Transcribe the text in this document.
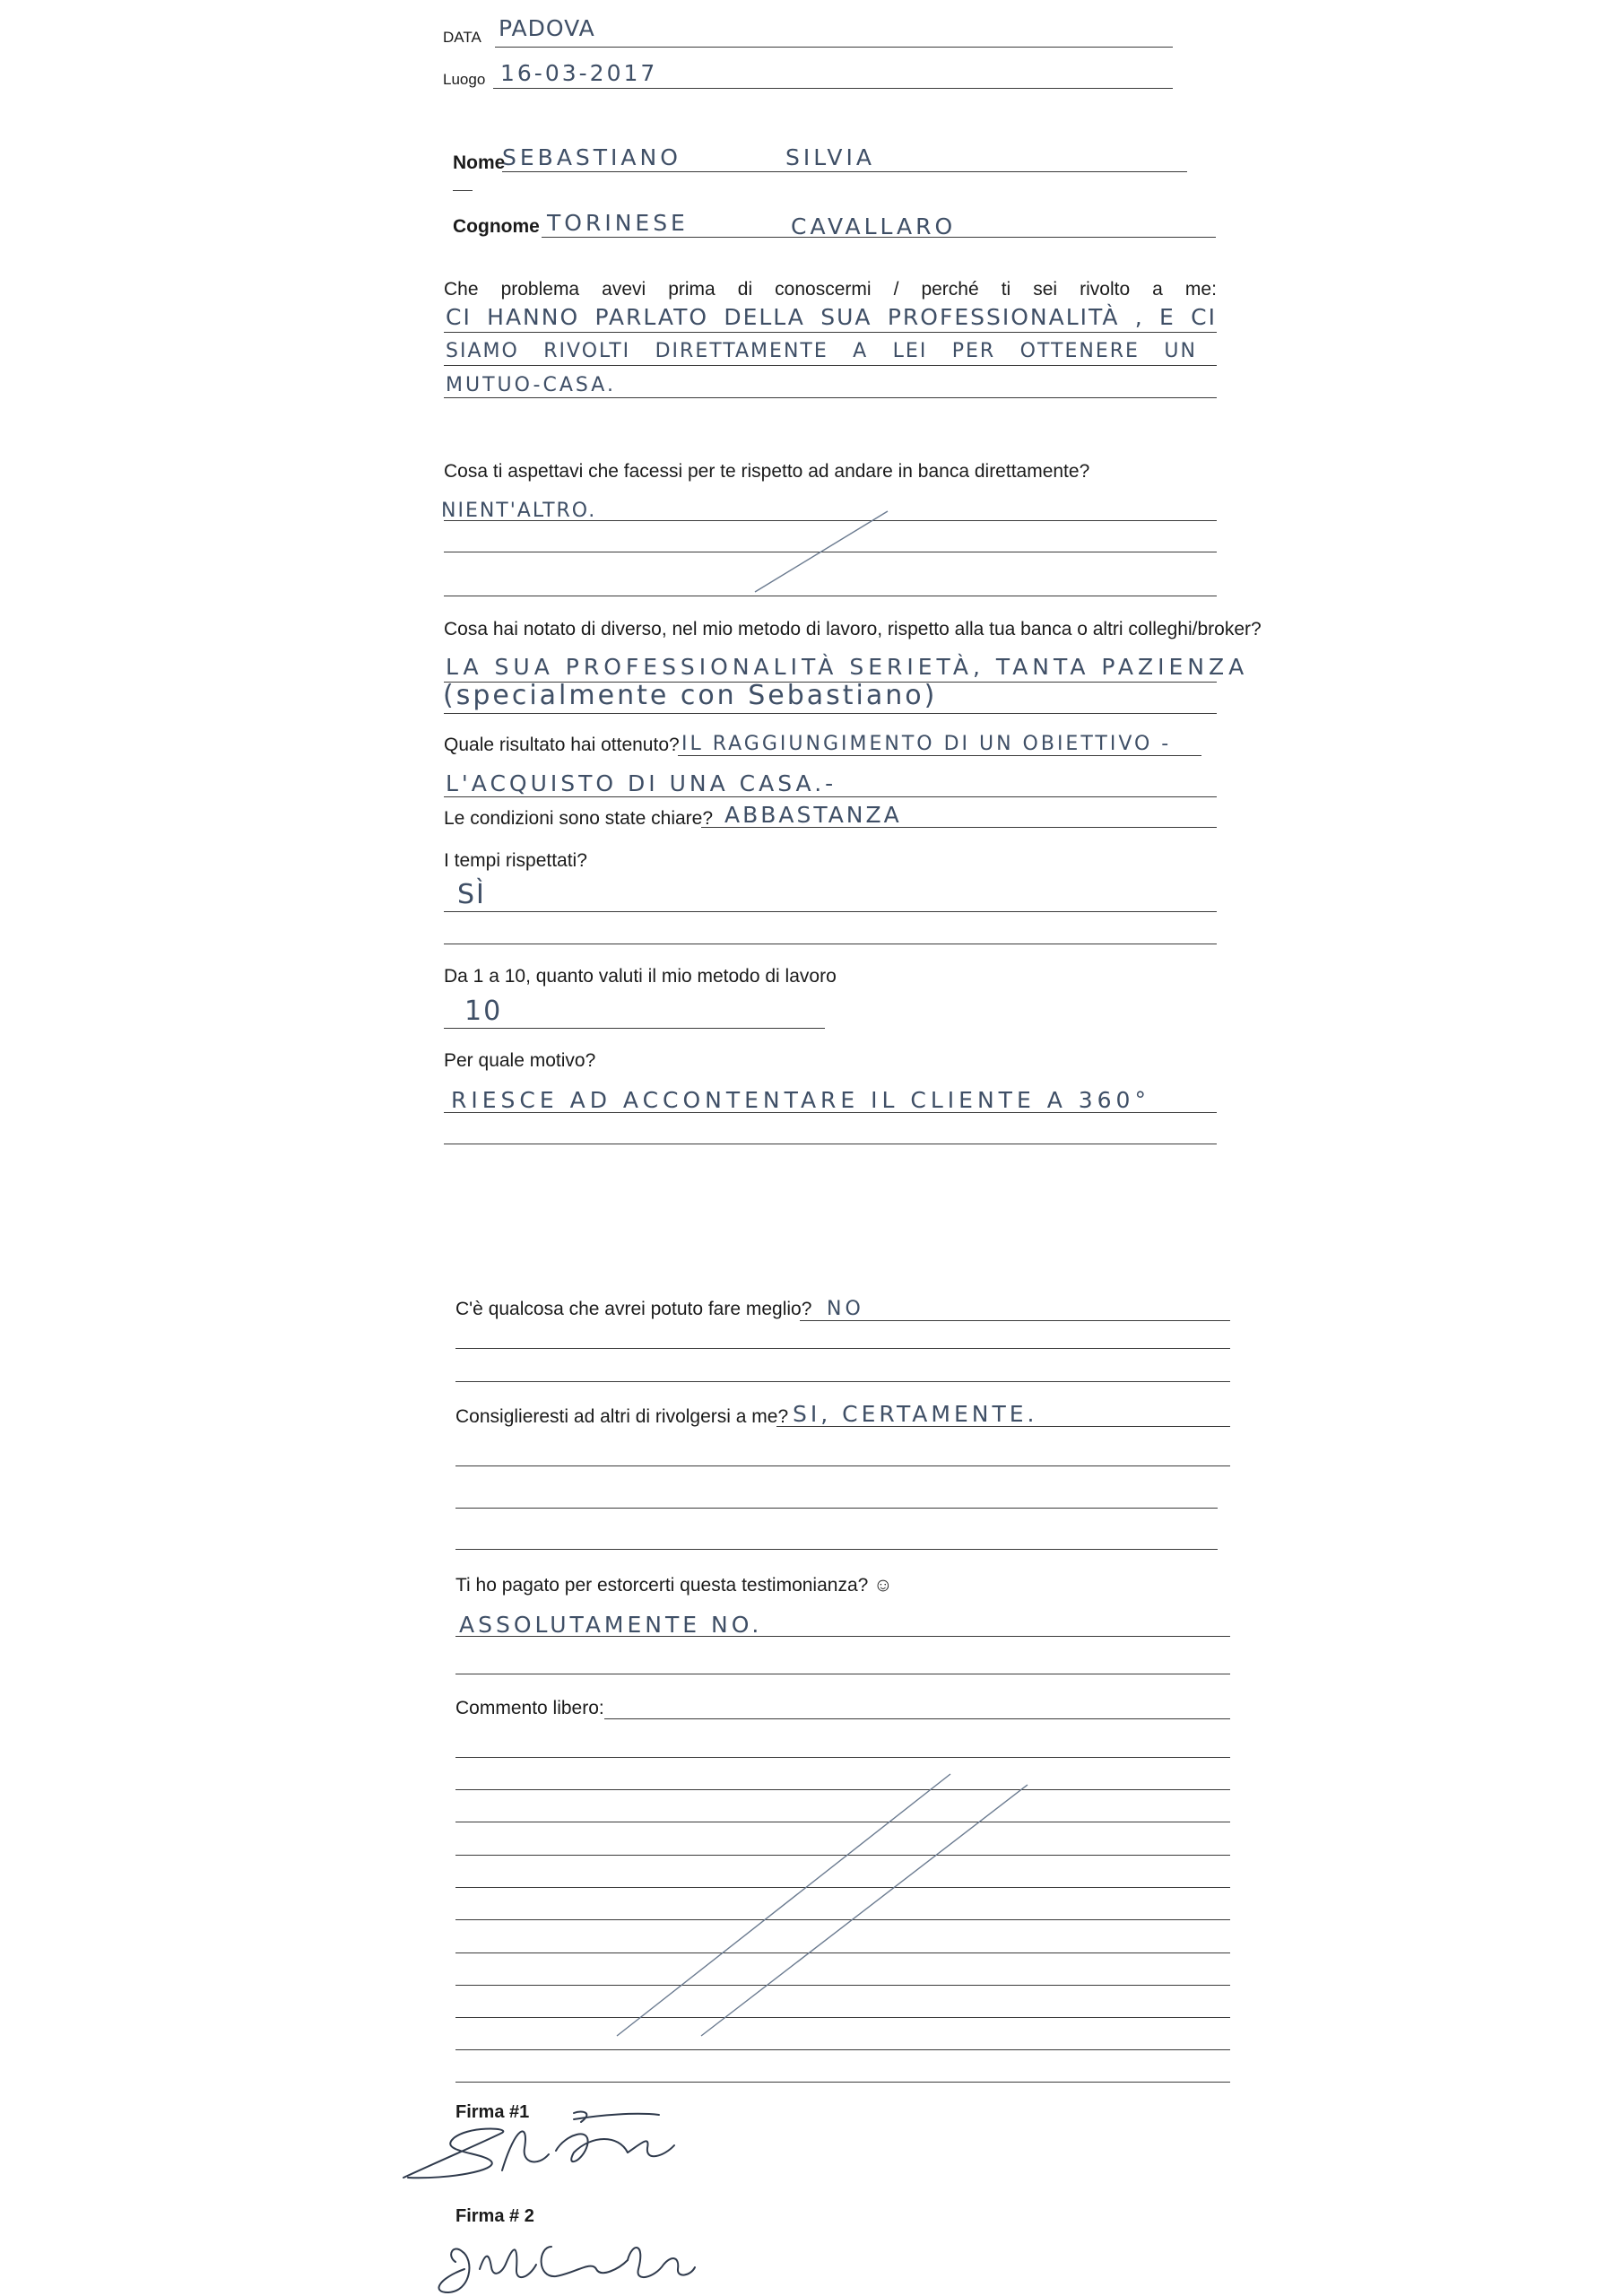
DATA PADOVA
Luogo 16-03-2017
Nome
SEBASTIANO	SILVIA
Cognome TORINESE	CAVALLARO
Che problema avevi prima di conoscermi / perché ti sei rivolto a me:
CI HANNO PARLATO DELLA SUA PROFESSIONALITÀ , E CI
SIAMO RIVOLTI DIRETTAMENTE A LEI PER OTTENERE UN
MUTUO-CASA.
Cosa ti aspettavi che facessi per te rispetto ad andare in banca direttamente?
NIENT'ALTRO.
Cosa hai notato di diverso, nel mio metodo di lavoro, rispetto alla tua banca o altri colleghi/broker?
LA SUA PROFESSIONALITÀ SERIETÀ, TANTA PAZIENZA
(specialmente con Sebastiano)
Quale risultato hai ottenuto? IL RAGGIUNGIMENTO DI UN OBIETTIVO -
L'ACQUISTO DI UNA CASA.-
Le condizioni sono state chiare? ABBASTANZA
I tempi rispettati?
SÌ
Da 1 a 10, quanto valuti il mio metodo di lavoro
10
Per quale motivo?
RIESCE AD ACCONTENTARE IL CLIENTE A 360°
C'è qualcosa che avrei potuto fare meglio? NO
Consiglieresti ad altri di rivolgersi a me? SI, CERTAMENTE.
Ti ho pagato per estorcerti questa testimonianza? ☺
ASSOLUTAMENTE NO.
Commento libero:
Firma #1
Firma # 2
Seb. Torinese
